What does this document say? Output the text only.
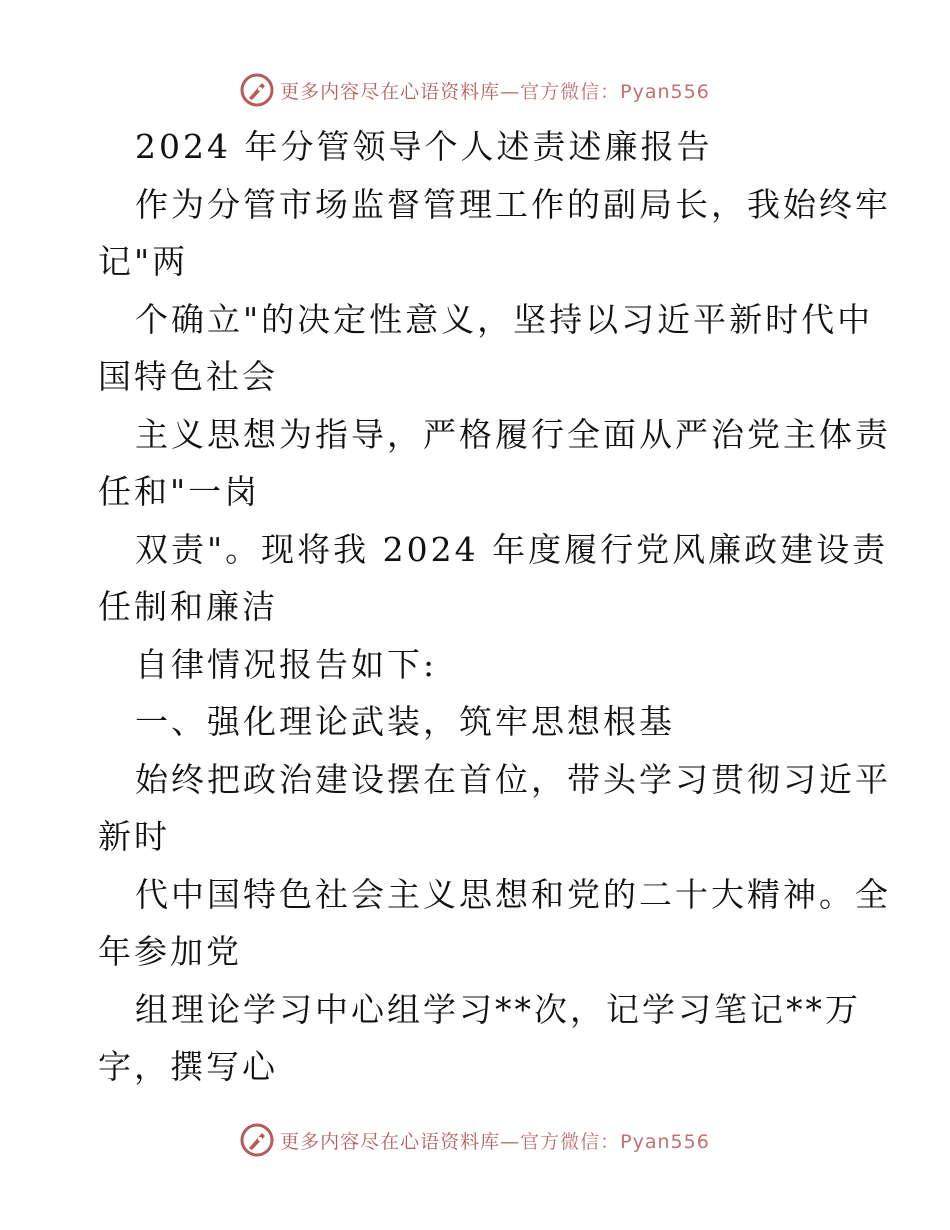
更多内容尽在心语资料库—官方微信：Pyan556
2024 年分管领导个人述责述廉报告
作为分管市场监督管理工作的副局长，我始终牢
记"两
个确立"的决定性意义，坚持以习近平新时代中
国特色社会
主义思想为指导，严格履行全面从严治党主体责
任和"一岗
双责"。现将我 2024 年度履行党风廉政建设责
任制和廉洁
自律情况报告如下:
一、强化理论武装，筑牢思想根基
始终把政治建设摆在首位，带头学习贯彻习近平
新时
代中国特色社会主义思想和党的二十大精神。全
年参加党
组理论学习中心组学习**次，记学习笔记**万
字，撰写心
更多内容尽在心语资料库—官方微信：Pyan556
